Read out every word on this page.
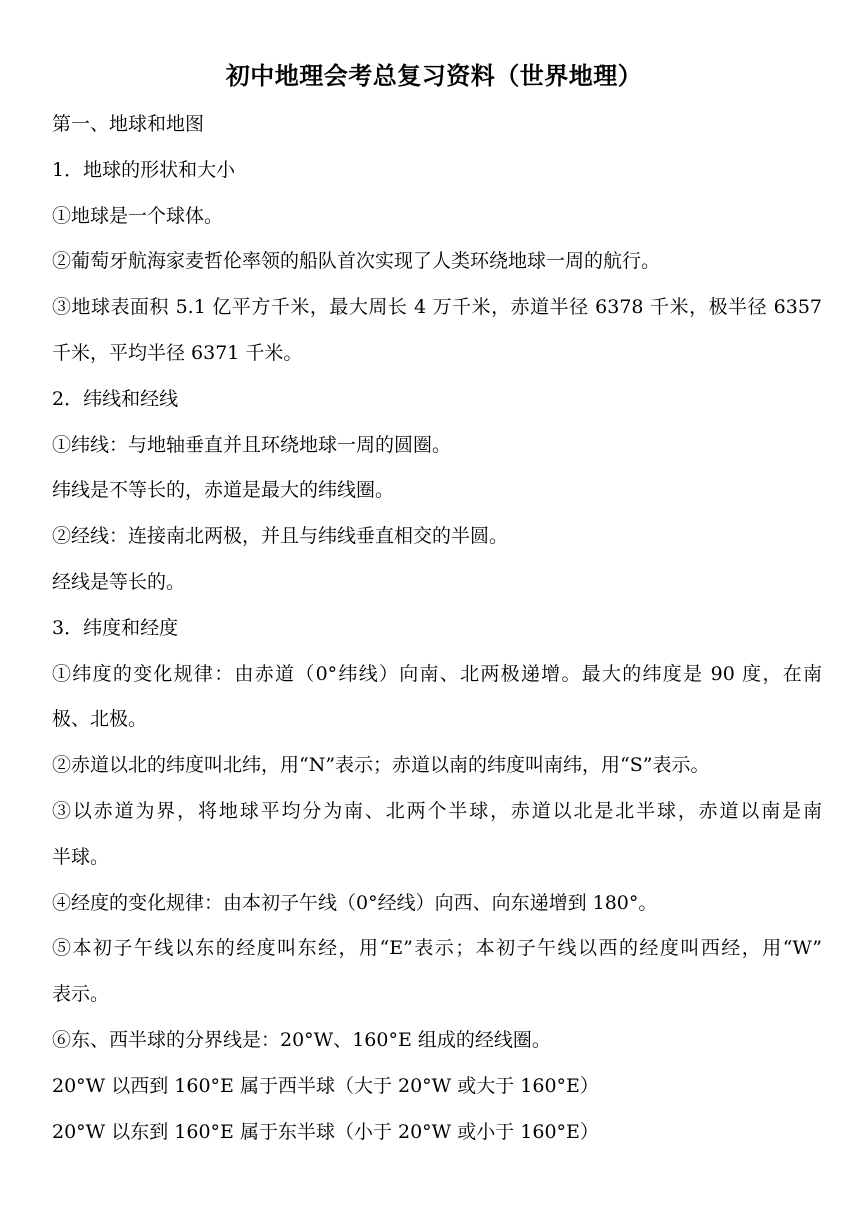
初中地理会考总复习资料（世界地理）
第一、地球和地图
1．地球的形状和大小
①地球是一个球体。
②葡萄牙航海家麦哲伦率领的船队首次实现了人类环绕地球一周的航行。
③地球表面积 5.1 亿平方千米，最大周长 4 万千米，赤道半径 6378 千米，极半径 6357
千米，平均半径 6371 千米。
2．纬线和经线
①纬线：与地轴垂直并且环绕地球一周的圆圈。
纬线是不等长的，赤道是最大的纬线圈。
②经线：连接南北两极，并且与纬线垂直相交的半圆。
经线是等长的。
3．纬度和经度
①纬度的变化规律：由赤道（0°纬线）向南、北两极递增。最大的纬度是 90 度，在南
极、北极。
②赤道以北的纬度叫北纬，用“N”表示；赤道以南的纬度叫南纬，用“S”表示。
③以赤道为界，将地球平均分为南、北两个半球，赤道以北是北半球，赤道以南是南
半球。
④经度的变化规律：由本初子午线（0°经线）向西、向东递增到 180°。
⑤本初子午线以东的经度叫东经，用“E”表示；本初子午线以西的经度叫西经，用“W”
表示。
⑥东、西半球的分界线是：20°W、160°E 组成的经线圈。
20°W 以西到 160°E 属于西半球（大于 20°W 或大于 160°E）
20°W 以东到 160°E 属于东半球（小于 20°W 或小于 160°E）
